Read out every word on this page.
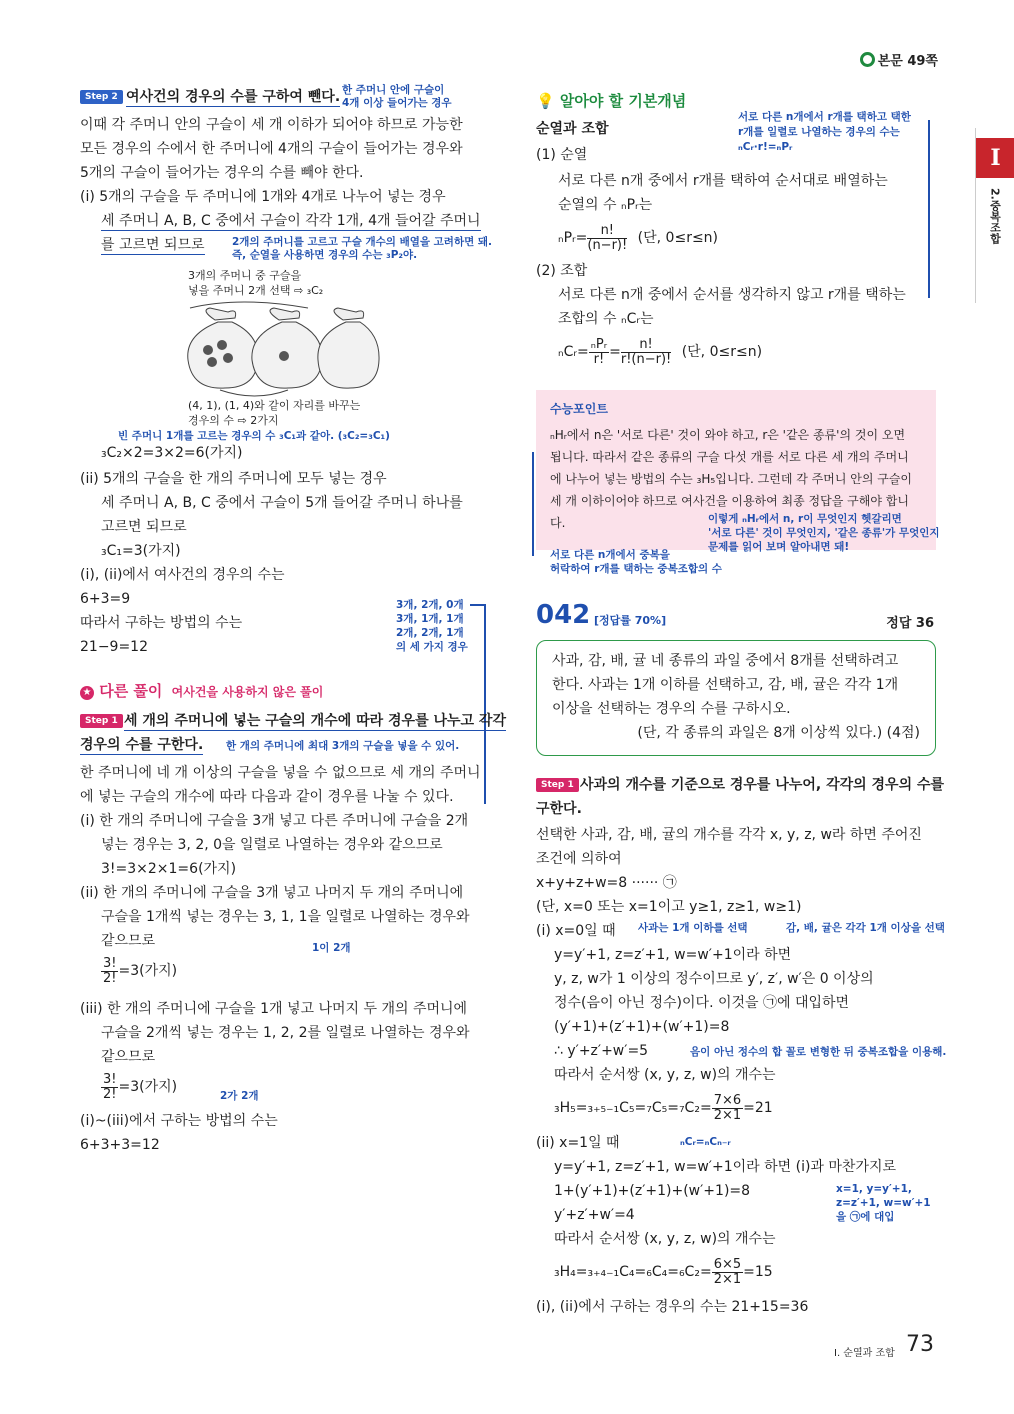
본문 49쪽
I
2.중복조합
Step 2 여사건의 경우의 수를 구하여 뺀다. 한 주머니 안에 구슬이
4개 이상 들어가는 경우
이때 각 주머니 안의 구슬이 세 개 이하가 되어야 하므로 가능한
모든 경우의 수에서 한 주머니에 4개의 구슬이 들어가는 경우와
5개의 구슬이 들어가는 경우의 수를 빼야 한다.
(i) 5개의 구슬을 두 주머니에 1개와 4개로 나누어 넣는 경우
세 주머니 A, B, C 중에서 구슬이 각각 1개, 4개 들어갈 주머니
를 고르면 되므로	2개의 주머니를 고르고 구슬 개수의 배열을 고려하면 돼.
즉, 순열을 사용하면 경우의 수는 ₃P₂야.
3개의 주머니 중 구슬을
넣을 주머니 2개 선택 ⇨ ₃C₂
(4, 1), (1, 4)와 같이 자리를 바꾸는
경우의 수 ⇨ 2가지
빈 주머니 1개를 고르는 경우의 수 ₃C₁과 같아. (₃C₂=₃C₁)
₃C₂×2=3×2=6(가지)
(ii) 5개의 구슬을 한 개의 주머니에 모두 넣는 경우
세 주머니 A, B, C 중에서 구슬이 5개 들어갈 주머니 하나를
고르면 되므로
₃C₁=3(가지)
(i), (ii)에서 여사건의 경우의 수는
6+3=9
따라서 구하는 방법의 수는
21−9=12
3개, 2개, 0개
3개, 1개, 1개
2개, 2개, 1개
의 세 가지 경우
★ 다른 풀이 여사건을 사용하지 않은 풀이
Step 1 세 개의 주머니에 넣는 구슬의 개수에 따라 경우를 나누고 각각
경우의 수를 구한다. 한 개의 주머니에 최대 3개의 구슬을 넣을 수 있어.
한 주머니에 네 개 이상의 구슬을 넣을 수 없으므로 세 개의 주머니
에 넣는 구슬의 개수에 따라 다음과 같이 경우를 나눌 수 있다.
(i) 한 개의 주머니에 구슬을 3개 넣고 다른 주머니에 구슬을 2개
넣는 경우는 3, 2, 0을 일렬로 나열하는 경우와 같으므로
3!=3×2×1=6(가지)
(ii) 한 개의 주머니에 구슬을 3개 넣고 나머지 두 개의 주머니에
구슬을 1개씩 넣는 경우는 3, 1, 1을 일렬로 나열하는 경우와
같으므로
$\frac{3!}{2!} =3$(가지)
1이 2개
(iii) 한 개의 주머니에 구슬을 1개 넣고 나머지 두 개의 주머니에
구슬을 2개씩 넣는 경우는 1, 2, 2를 일렬로 나열하는 경우와
같으므로
$\frac{3!}{2!} =3$(가지)
2가 2개
(i)~(iii)에서 구하는 방법의 수는
6+3+3=12
💡 알아야 할 기본개념
순열과 조합
서로 다른 n개에서 r개를 택하고 택한
r개를 일렬로 나열하는 경우의 수는
ₙCᵣ·r!=ₙPᵣ
(1) 순열
서로 다른 n개 중에서 r개를 택하여 순서대로 배열하는
순열의 수 ₙPᵣ는
ₙPᵣ= $\frac{n!}{(n-r)!}$ (단, 0≤r≤n)
(2) 조합
서로 다른 n개 중에서 순서를 생각하지 않고 r개를 택하는
조합의 수 ₙCᵣ는
ₙCᵣ= $\frac{\text{ₙPᵣ}}{r!} = \frac{n!}{r!(n-r)!}$ (단, 0≤r≤n)
수능포인트
ₙHᵣ에서 n은 '서로 다른' 것이 와야 하고, r은 '같은 종류'의 것이 오면
됩니다. 따라서 같은 종류의 구슬 다섯 개를 서로 다른 세 개의 주머니
에 나누어 넣는 방법의 수는 ₃H₅입니다. 그런데 각 주머니 안의 구슬이
세 개 이하이어야 하므로 여사건을 이용하여 최종 정답을 구해야 합니
다.	이렇게 ₙHᵣ에서 n, r이 무엇인지 헷갈리면
'서로 다른' 것이 무엇인지, '같은 종류'가 무엇인지
문제를 읽어 보며 알아내면 돼!
서로 다른 n개에서 중복을
허락하여 r개를 택하는 중복조합의 수
042 [정답률 70%]	정답 36
사과, 감, 배, 귤 네 종류의 과일 중에서 8개를 선택하려고
한다. 사과는 1개 이하를 선택하고, 감, 배, 귤은 각각 1개
이상을 선택하는 경우의 수를 구하시오.
(단, 각 종류의 과일은 8개 이상씩 있다.) (4점)
Step 1 사과의 개수를 기준으로 경우를 나누어, 각각의 경우의 수를
구한다.
선택한 사과, 감, 배, 귤의 개수를 각각 x, y, z, w라 하면 주어진
조건에 의하여
x+y+z+w=8 ······ ㉠
(단, x=0 또는 x=1이고 y≥1, z≥1, w≥1)
사과는 1개 이하를 선택	감, 배, 귤은 각각 1개 이상을 선택
(i) x=0일 때
y=y′+1, z=z′+1, w=w′+1이라 하면
y, z, w가 1 이상의 정수이므로 y′, z′, w′은 0 이상의
정수(음이 아닌 정수)이다. 이것을 ㉠에 대입하면
(y′+1)+(z′+1)+(w′+1)=8
∴ y′+z′+w′=5	음이 아닌 정수의 합 꼴로 변형한 뒤 중복조합을 이용해.
따라서 순서쌍 (x, y, z, w)의 개수는
$_3H_5=_{3+5-1}C_5=_7C_5=_7C_2= \frac{7\times 6}{2\times 1} =21$
ₙCᵣ=ₙCₙ₋ᵣ
(ii) x=1일 때
y=y′+1, z=z′+1, w=w′+1이라 하면 (i)과 마찬가지로
1+(y′+1)+(z′+1)+(w′+1)=8	x=1, y=y′+1,
z=z′+1, w=w′+1
을 ㉠에 대입
y′+z′+w′=4
따라서 순서쌍 (x, y, z, w)의 개수는
$_3H_4=_{3+4-1}C_4=_6C_4=_6C_2= \frac{6\times 5}{2\times 1} =15$
(i), (ii)에서 구하는 경우의 수는 21+15=36
I. 순열과 조합 73
